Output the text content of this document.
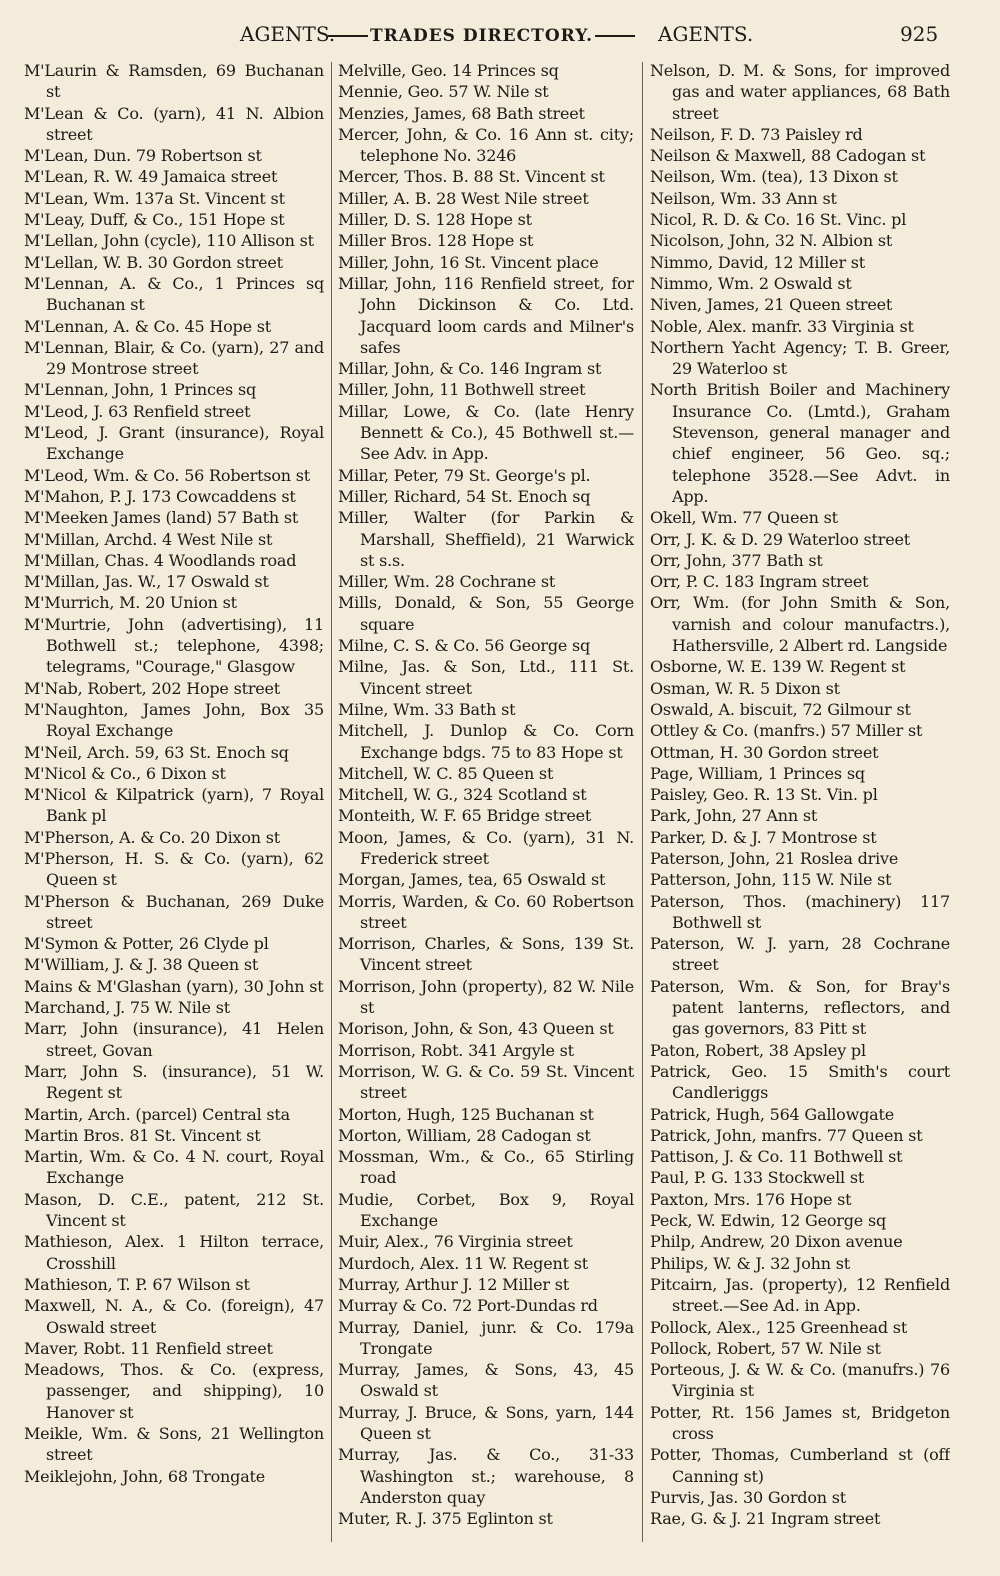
AGENTS.	TRADES DIRECTORY.	AGENTS.	925

M'Laurin & Ramsden, 69 Buchanan st

M'Lean & Co. (yarn), 41 N. Albion street

M'Lean, Dun. 79 Robertson st

M'Lean, R. W. 49 Jamaica street

M'Lean, Wm. 137a St. Vincent st

M'Leay, Duff, & Co., 151 Hope st

M'Lellan, John (cycle), 110 Allison st

M'Lellan, W. B. 30 Gordon street

M'Lennan, A. & Co., 1 Princes sq Buchanan st

M'Lennan, A. & Co. 45 Hope st

M'Lennan, Blair, & Co. (yarn), 27 and 29 Montrose street

M'Lennan, John, 1 Princes sq

M'Leod, J. 63 Renfield street

M'Leod, J. Grant (insurance), Royal Exchange

M'Leod, Wm. & Co. 56 Robertson st

M'Mahon, P. J. 173 Cowcaddens st

M'Meeken James (land) 57 Bath st

M'Millan, Archd. 4 West Nile st

M'Millan, Chas. 4 Woodlands road

M'Millan, Jas. W., 17 Oswald st

M'Murrich, M. 20 Union st

M'Murtrie, John (advertising), 11 Bothwell st.; telephone, 4398; telegrams, "Courage," Glasgow

M'Nab, Robert, 202 Hope street

M'Naughton, James John, Box 35 Royal Exchange

M'Neil, Arch. 59, 63 St. Enoch sq

M'Nicol & Co., 6 Dixon st

M'Nicol & Kilpatrick (yarn), 7 Royal Bank pl

M'Pherson, A. & Co. 20 Dixon st

M'Pherson, H. S. & Co. (yarn), 62 Queen st

M'Pherson & Buchanan, 269 Duke street

M'Symon & Potter, 26 Clyde pl

M'William, J. & J. 38 Queen st

Mains & M'Glashan (yarn), 30 John st

Marchand, J. 75 W. Nile st

Marr, John (insurance), 41 Helen street, Govan

Marr, John S. (insurance), 51 W. Regent st

Martin, Arch. (parcel) Central sta

Martin Bros. 81 St. Vincent st

Martin, Wm. & Co. 4 N. court, Royal Exchange

Mason, D. C.E., patent, 212 St. Vincent st

Mathieson, Alex. 1 Hilton terrace, Crosshill

Mathieson, T. P. 67 Wilson st

Maxwell, N. A., & Co. (foreign), 47 Oswald street

Maver, Robt. 11 Renfield street

Meadows, Thos. & Co. (express, passenger, and shipping), 10 Hanover st

Meikle, Wm. & Sons, 21 Wellington street

Meiklejohn, John, 68 Trongate

Melville, Geo. 14 Princes sq

Mennie, Geo. 57 W. Nile st

Menzies, James, 68 Bath street

Mercer, John, & Co. 16 Ann st. city; telephone No. 3246

Mercer, Thos. B. 88 St. Vincent st

Miller, A. B. 28 West Nile street

Miller, D. S. 128 Hope st

Miller Bros. 128 Hope st

Miller, John, 16 St. Vincent place

Millar, John, 116 Renfield street, for John Dickinson & Co. Ltd. Jacquard loom cards and Milner's safes

Millar, John, & Co. 146 Ingram st

Miller, John, 11 Bothwell street

Millar, Lowe, & Co. (late Henry Bennett & Co.), 45 Bothwell st.—See Adv. in App.

Millar, Peter, 79 St. George's pl.

Miller, Richard, 54 St. Enoch sq

Miller, Walter (for Parkin & Marshall, Sheffield), 21 Warwick st s.s.

Miller, Wm. 28 Cochrane st

Mills, Donald, & Son, 55 George square

Milne, C. S. & Co. 56 George sq

Milne, Jas. & Son, Ltd., 111 St. Vincent street

Milne, Wm. 33 Bath st

Mitchell, J. Dunlop & Co. Corn Exchange bdgs. 75 to 83 Hope st

Mitchell, W. C. 85 Queen st

Mitchell, W. G., 324 Scotland st

Monteith, W. F. 65 Bridge street

Moon, James, & Co. (yarn), 31 N. Frederick street

Morgan, James, tea, 65 Oswald st

Morris, Warden, & Co. 60 Robertson street

Morrison, Charles, & Sons, 139 St. Vincent street

Morrison, John (property), 82 W. Nile st

Morison, John, & Son, 43 Queen st

Morrison, Robt. 341 Argyle st

Morrison, W. G. & Co. 59 St. Vincent street

Morton, Hugh, 125 Buchanan st

Morton, William, 28 Cadogan st

Mossman, Wm., & Co., 65 Stirling road

Mudie, Corbet, Box 9, Royal Exchange

Muir, Alex., 76 Virginia street

Murdoch, Alex. 11 W. Regent st

Murray, Arthur J. 12 Miller st

Murray & Co. 72 Port-Dundas rd

Murray, Daniel, junr. & Co. 179a Trongate

Murray, James, & Sons, 43, 45 Oswald st

Murray, J. Bruce, & Sons, yarn, 144 Queen st

Murray, Jas. & Co., 31-33 Washington st.; warehouse, 8 Anderston quay

Muter, R. J. 375 Eglinton st

Nelson, D. M. & Sons, for improved gas and water appliances, 68 Bath street

Neilson, F. D. 73 Paisley rd

Neilson & Maxwell, 88 Cadogan st

Neilson, Wm. (tea), 13 Dixon st

Neilson, Wm. 33 Ann st

Nicol, R. D. & Co. 16 St. Vinc. pl

Nicolson, John, 32 N. Albion st

Nimmo, David, 12 Miller st

Nimmo, Wm. 2 Oswald st

Niven, James, 21 Queen street

Noble, Alex. manfr. 33 Virginia st

Northern Yacht Agency; T. B. Greer, 29 Waterloo st

North British Boiler and Machinery Insurance Co. (Lmtd.), Graham Stevenson, general manager and chief engineer, 56 Geo. sq.; telephone 3528.—See Advt. in App.

Okell, Wm. 77 Queen st

Orr, J. K. & D. 29 Waterloo street

Orr, John, 377 Bath st

Orr, P. C. 183 Ingram street

Orr, Wm. (for John Smith & Son, varnish and colour manufactrs.), Hathersville, 2 Albert rd. Langside

Osborne, W. E. 139 W. Regent st

Osman, W. R. 5 Dixon st

Oswald, A. biscuit, 72 Gilmour st

Ottley & Co. (manfrs.) 57 Miller st

Ottman, H. 30 Gordon street

Page, William, 1 Princes sq

Paisley, Geo. R. 13 St. Vin. pl

Park, John, 27 Ann st

Parker, D. & J. 7 Montrose st

Paterson, John, 21 Roslea drive

Patterson, John, 115 W. Nile st

Paterson, Thos. (machinery) 117 Bothwell st

Paterson, W. J. yarn, 28 Cochrane street

Paterson, Wm. & Son, for Bray's patent lanterns, reflectors, and gas governors, 83 Pitt st

Paton, Robert, 38 Apsley pl

Patrick, Geo. 15 Smith's court Candleriggs

Patrick, Hugh, 564 Gallowgate

Patrick, John, manfrs. 77 Queen st

Pattison, J. & Co. 11 Bothwell st

Paul, P. G. 133 Stockwell st

Paxton, Mrs. 176 Hope st

Peck, W. Edwin, 12 George sq

Philp, Andrew, 20 Dixon avenue

Philips, W. & J. 32 John st

Pitcairn, Jas. (property), 12 Renfield street.—See Ad. in App.

Pollock, Alex., 125 Greenhead st

Pollock, Robert, 57 W. Nile st

Porteous, J. & W. & Co. (manufrs.) 76 Virginia st

Potter, Rt. 156 James st, Bridgeton cross

Potter, Thomas, Cumberland st (off Canning st)

Purvis, Jas. 30 Gordon st

Rae, G. & J. 21 Ingram street
